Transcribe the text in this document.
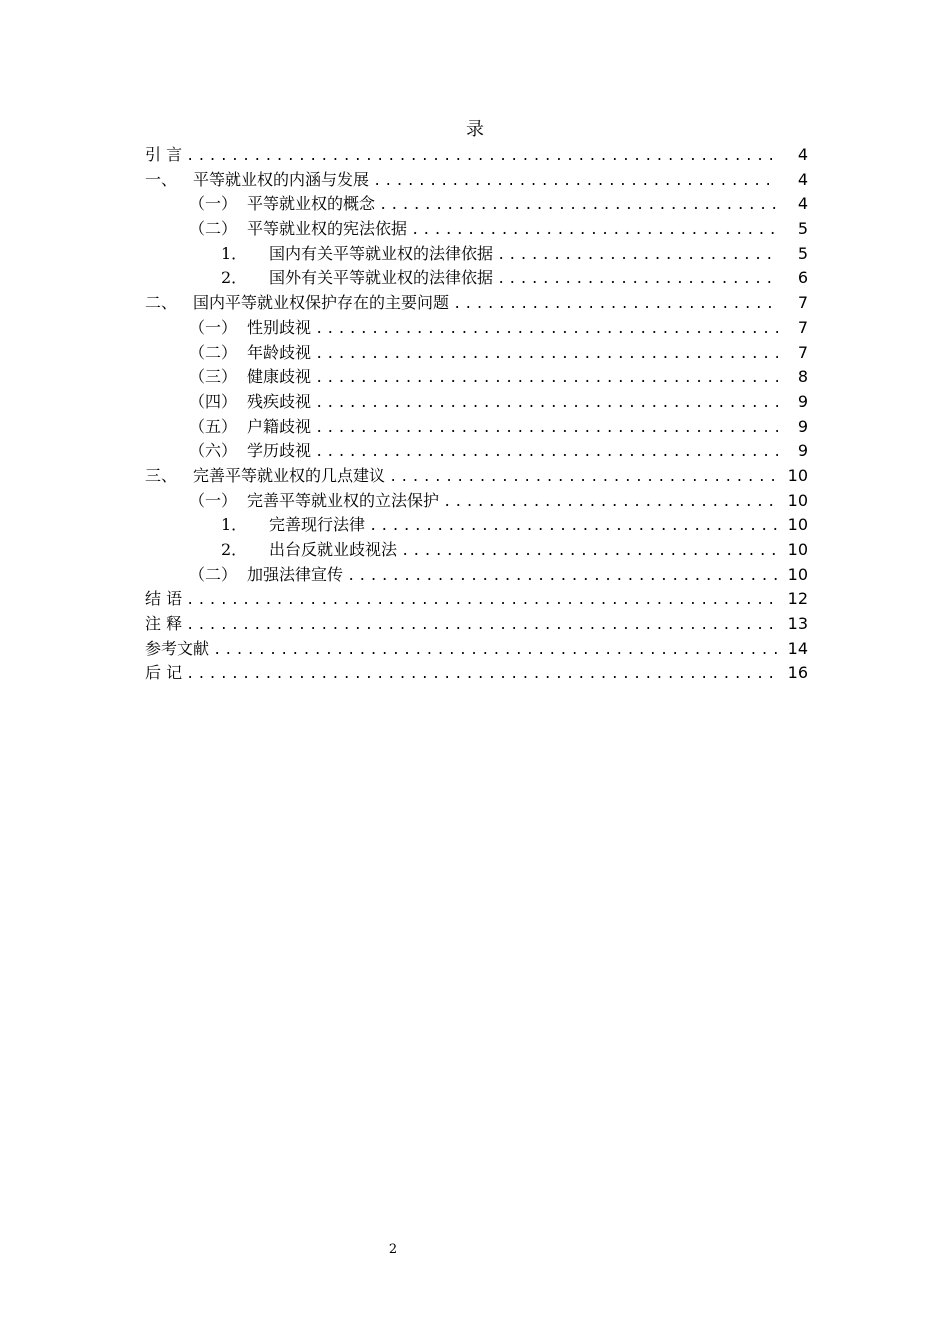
录
引 言 . . .	4
一、 平等就业权的内涵与发展 . . .	4
（一） 平等就业权的概念 . . .	4
（二） 平等就业权的宪法依据 . . .	5
1． 国内有关平等就业权的法律依据 . . .	5
2． 国外有关平等就业权的法律依据 . . .	6
二、 国内平等就业权保护存在的主要问题 . . .	7
（一） 性别歧视 . . .	7
（二） 年龄歧视 . . .	7
（三） 健康歧视 . . .	8
（四） 残疾歧视 . . .	9
（五） 户籍歧视 . . .	9
（六） 学历歧视 . . .	9
三、 完善平等就业权的几点建议 . . .	10
（一） 完善平等就业权的立法保护 . . .	10
1． 完善现行法律 . . .	10
2． 出台反就业歧视法 . . .	10
（二） 加强法律宣传 . . .	10
结 语 . . .	12
注 释 . . .	13
参考文献 . . .	14
后 记 . . .	16
2
